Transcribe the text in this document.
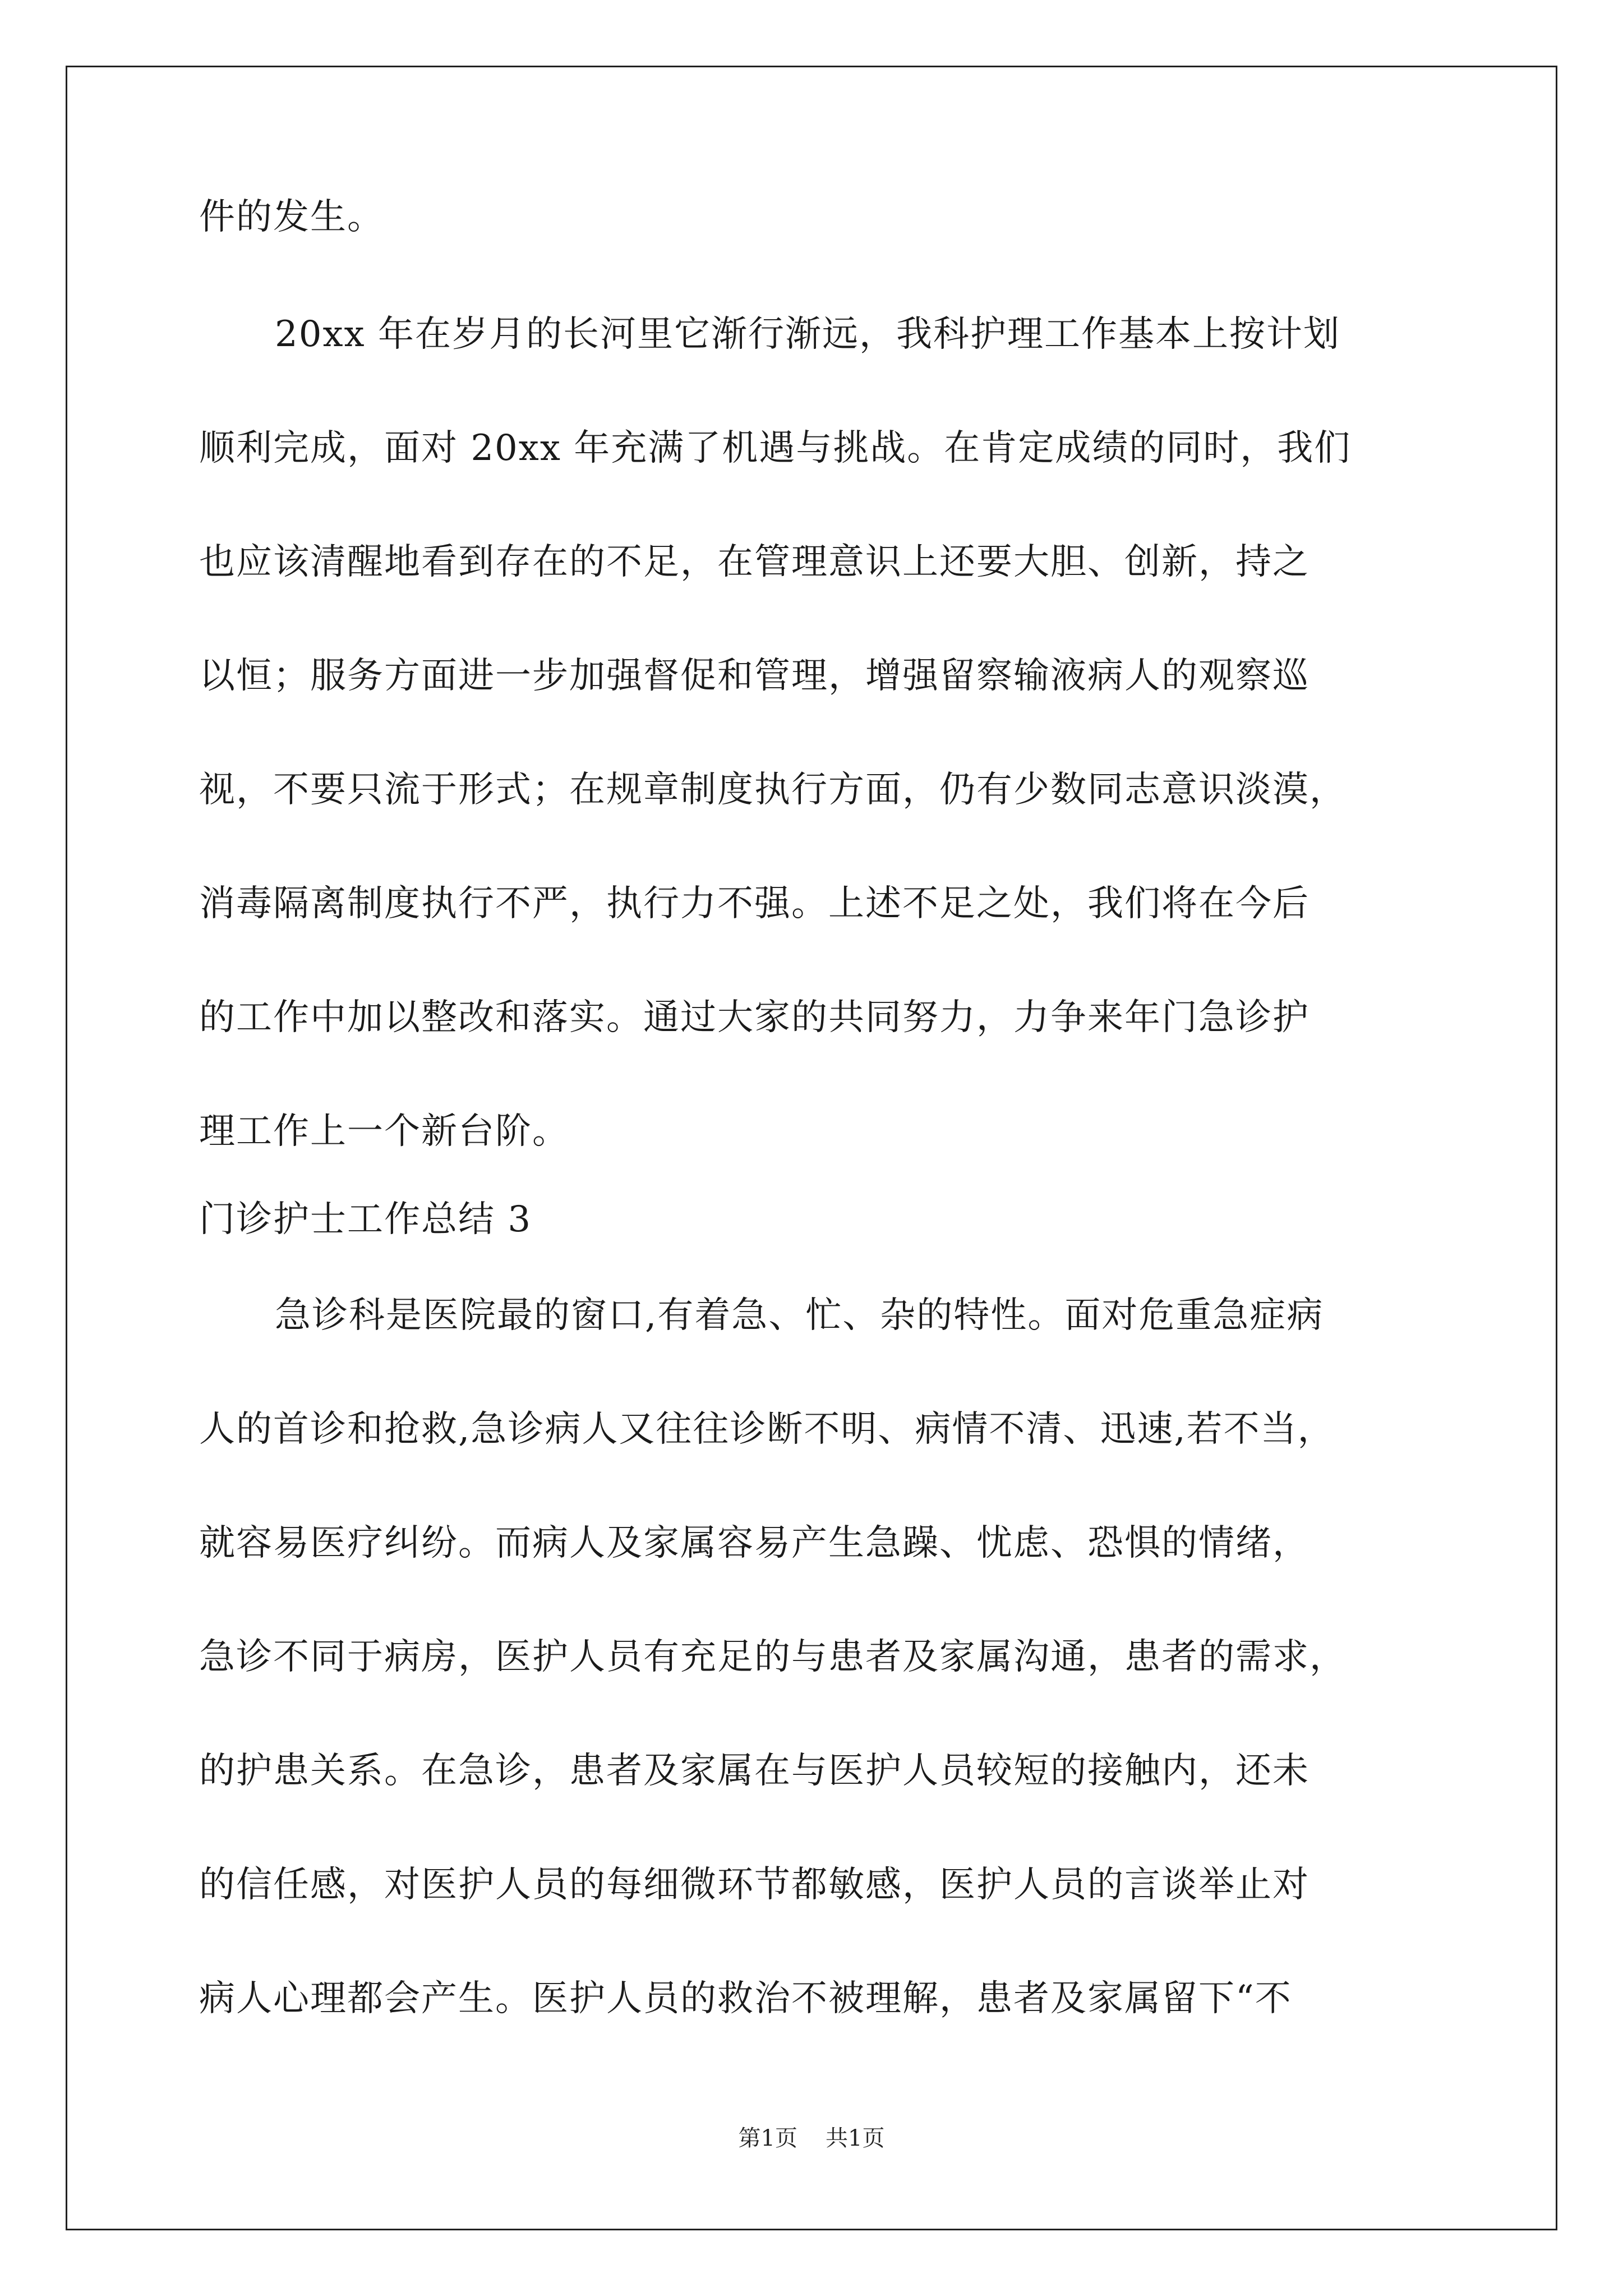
件的发生。
20xx 年在岁月的长河里它渐行渐远，我科护理工作基本上按计划
顺利完成，面对 20xx 年充满了机遇与挑战。在肯定成绩的同时，我们
也应该清醒地看到存在的不足，在管理意识上还要大胆、创新，持之
以恒；服务方面进一步加强督促和管理，增强留察输液病人的观察巡
视，不要只流于形式；在规章制度执行方面，仍有少数同志意识淡漠，
消毒隔离制度执行不严，执行力不强。上述不足之处，我们将在今后
的工作中加以整改和落实。通过大家的共同努力，力争来年门急诊护
理工作上一个新台阶。
门诊护士工作总结 3
急诊科是医院最的窗口,有着急、忙、杂的特性。面对危重急症病
人的首诊和抢救,急诊病人又往往诊断不明、病情不清、迅速,若不当，
就容易医疗纠纷。而病人及家属容易产生急躁、忧虑、恐惧的情绪，
急诊不同于病房，医护人员有充足的与患者及家属沟通，患者的需求，
的护患关系。在急诊，患者及家属在与医护人员较短的接触内，还未
的信任感，对医护人员的每细微环节都敏感，医护人员的言谈举止对
病人心理都会产生。医护人员的救治不被理解，患者及家属留下“不
第1页 共1页
